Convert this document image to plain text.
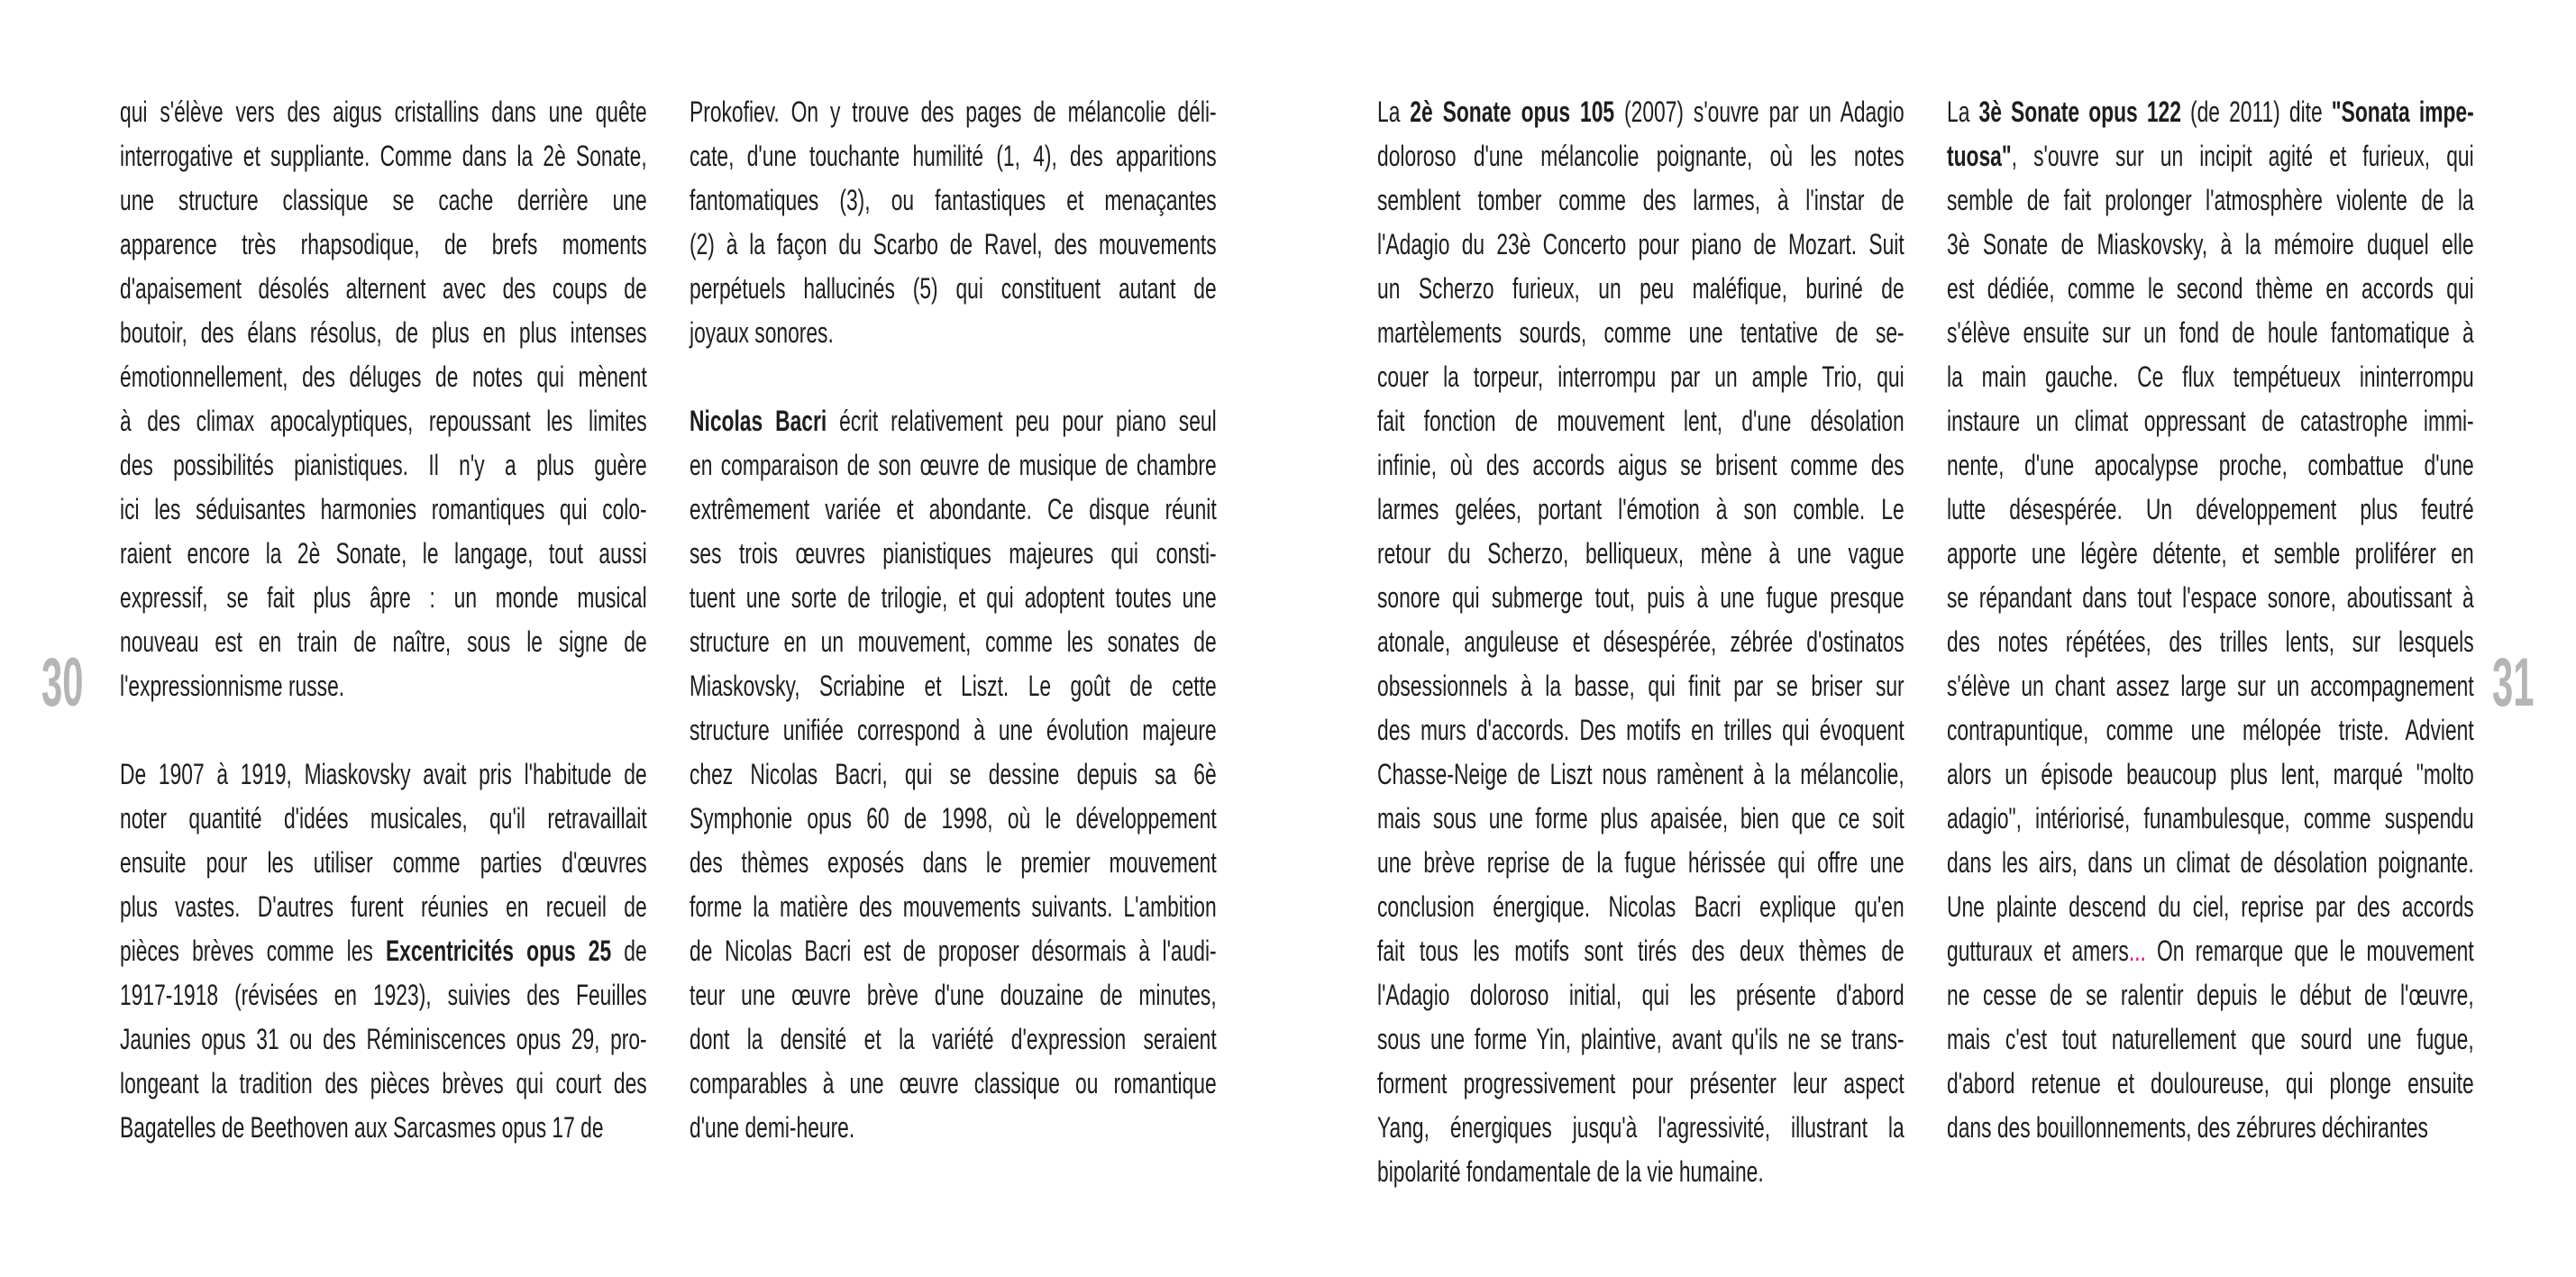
30
qui s'élève vers des aigus cristallins dans une quête
interrogative et suppliante. Comme dans la 2è Sonate,
une structure classique se cache derrière une
apparence très rhapsodique, de brefs moments
d'apaisement désolés alternent avec des coups de
boutoir, des élans résolus, de plus en plus intenses
émotionnellement, des déluges de notes qui mènent
à des climax apocalyptiques, repoussant les limites
des possibilités pianistiques. Il n'y a plus guère
ici les séduisantes harmonies romantiques qui colo-
raient encore la 2è Sonate, le langage, tout aussi
expressif, se fait plus âpre : un monde musical
nouveau est en train de naître, sous le signe de
l'expressionnisme russe.
De 1907 à 1919, Miaskovsky avait pris l'habitude de
noter quantité d'idées musicales, qu'il retravaillait
ensuite pour les utiliser comme parties d'œuvres
plus vastes. D'autres furent réunies en recueil de
pièces brèves comme les Excentricités opus 25 de
1917-1918 (révisées en 1923), suivies des Feuilles
Jaunies opus 31 ou des Réminiscences opus 29, pro-
longeant la tradition des pièces brèves qui court des
Bagatelles de Beethoven aux Sarcasmes opus 17 de
Prokofiev. On y trouve des pages de mélancolie déli-
cate, d'une touchante humilité (1, 4), des apparitions
fantomatiques (3), ou fantastiques et menaçantes
(2) à la façon du Scarbo de Ravel, des mouvements
perpétuels hallucinés (5) qui constituent autant de
joyaux sonores.
Nicolas Bacri écrit relativement peu pour piano seul
en comparaison de son œuvre de musique de chambre
extrêmement variée et abondante. Ce disque réunit
ses trois œuvres pianistiques majeures qui consti-
tuent une sorte de trilogie, et qui adoptent toutes une
structure en un mouvement, comme les sonates de
Miaskovsky, Scriabine et Liszt. Le goût de cette
structure unifiée correspond à une évolution majeure
chez Nicolas Bacri, qui se dessine depuis sa 6è
Symphonie opus 60 de 1998, où le développement
des thèmes exposés dans le premier mouvement
forme la matière des mouvements suivants. L'ambition
de Nicolas Bacri est de proposer désormais à l'audi-
teur une œuvre brève d'une douzaine de minutes,
dont la densité et la variété d'expression seraient
comparables à une œuvre classique ou romantique
d'une demi-heure.
La 2è Sonate opus 105 (2007) s'ouvre par un Adagio
doloroso d'une mélancolie poignante, où les notes
semblent tomber comme des larmes, à l'instar de
l'Adagio du 23è Concerto pour piano de Mozart. Suit
un Scherzo furieux, un peu maléfique, buriné de
martèlements sourds, comme une tentative de se-
couer la torpeur, interrompu par un ample Trio, qui
fait fonction de mouvement lent, d'une désolation
infinie, où des accords aigus se brisent comme des
larmes gelées, portant l'émotion à son comble. Le
retour du Scherzo, belliqueux, mène à une vague
sonore qui submerge tout, puis à une fugue presque
atonale, anguleuse et désespérée, zébrée d'ostinatos
obsessionnels à la basse, qui finit par se briser sur
des murs d'accords. Des motifs en trilles qui évoquent
Chasse-Neige de Liszt nous ramènent à la mélancolie,
mais sous une forme plus apaisée, bien que ce soit
une brève reprise de la fugue hérissée qui offre une
conclusion énergique. Nicolas Bacri explique qu'en
fait tous les motifs sont tirés des deux thèmes de
l'Adagio doloroso initial, qui les présente d'abord
sous une forme Yin, plaintive, avant qu'ils ne se trans-
forment progressivement pour présenter leur aspect
Yang, énergiques jusqu'à l'agressivité, illustrant la
bipolarité fondamentale de la vie humaine.
La 3è Sonate opus 122 (de 2011) dite "Sonata impe-
tuosa", s'ouvre sur un incipit agité et furieux, qui
semble de fait prolonger l'atmosphère violente de la
3è Sonate de Miaskovsky, à la mémoire duquel elle
est dédiée, comme le second thème en accords qui
s'élève ensuite sur un fond de houle fantomatique à
la main gauche. Ce flux tempétueux ininterrompu
instaure un climat oppressant de catastrophe immi-
nente, d'une apocalypse proche, combattue d'une
lutte désespérée. Un développement plus feutré
apporte une légère détente, et semble proliférer en
se répandant dans tout l'espace sonore, aboutissant à
des notes répétées, des trilles lents, sur lesquels
s'élève un chant assez large sur un accompagnement
contrapuntique, comme une mélopée triste. Advient
alors un épisode beaucoup plus lent, marqué "molto
adagio", intériorisé, funambulesque, comme suspendu
dans les airs, dans un climat de désolation poignante.
Une plainte descend du ciel, reprise par des accords
gutturaux et amers... On remarque que le mouvement
ne cesse de se ralentir depuis le début de l'œuvre,
mais c'est tout naturellement que sourd une fugue,
d'abord retenue et douloureuse, qui plonge ensuite
dans des bouillonnements, des zébrures déchirantes
31
